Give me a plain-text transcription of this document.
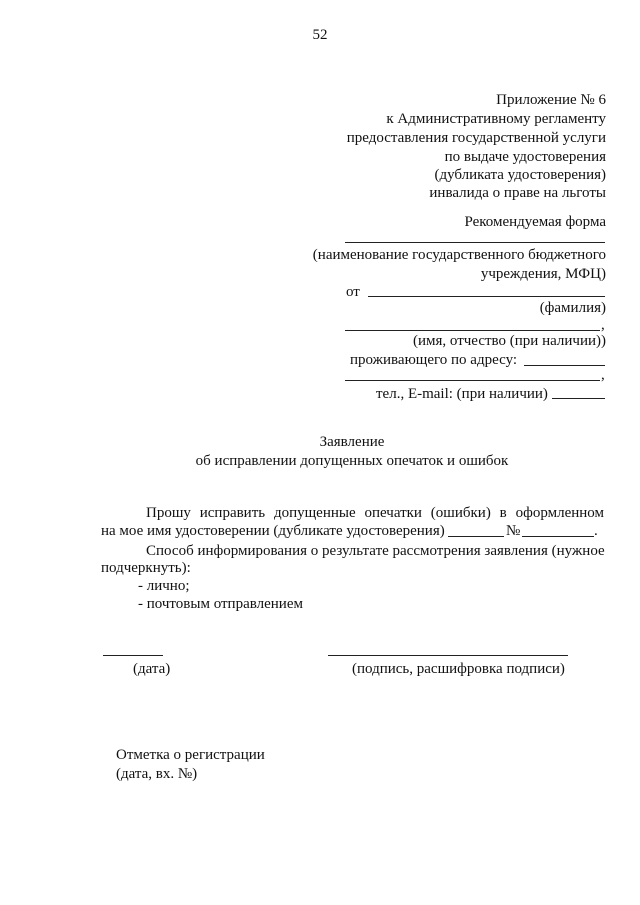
52
Приложение № 6
к Административному регламенту
предоставления государственной услуги
по выдаче удостоверения
(дубликата удостоверения)
инвалида о праве на льготы
Рекомендуемая форма
(наименование государственного бюджетного
учреждения, МФЦ)
от
(фамилия)
,
(имя, отчество (при наличии))
проживающего по адресу:
,
тел., E-mail: (при наличии)
Заявление
об исправлении допущенных опечаток и ошибок
Прошу исправить допущенные опечатки (ошибки) в оформленном
на мое имя удостоверении (дубликате удостоверения)	№	.
Способ информирования о результате рассмотрения заявления (нужное
подчеркнуть):
- лично;
- почтовым отправлением
(дата)	(подпись, расшифровка подписи)
Отметка о регистрации
(дата, вх. №)
